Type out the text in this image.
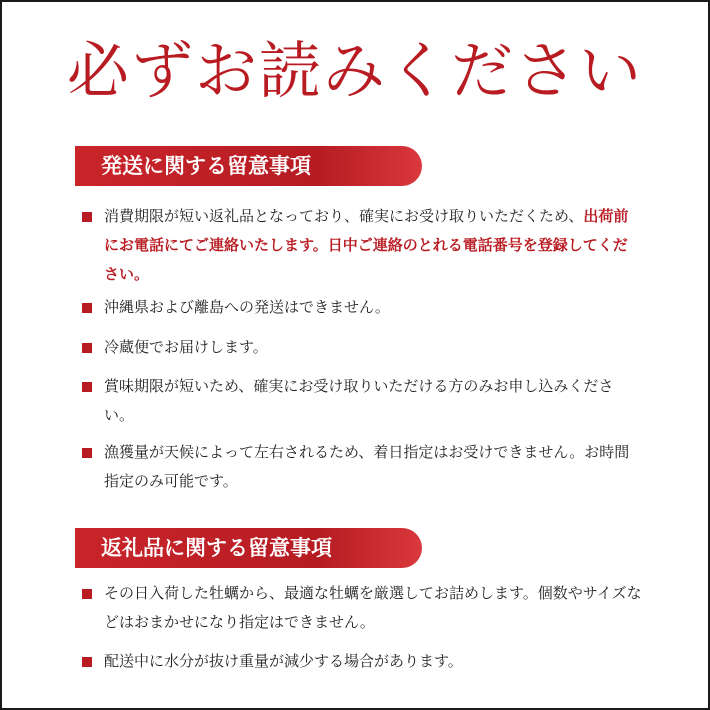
必ずお読みください
発送に関する留意事項
消費期限が短い返礼品となっており、確実にお受け取りいただくため、出荷前にお電話にてご連絡いたします。日中ご連絡のとれる電話番号を登録してください。
沖縄県および離島への発送はできません。
冷蔵便でお届けします。
賞味期限が短いため、確実にお受け取りいただける方のみお申し込みください。
漁獲量が天候によって左右されるため、着日指定はお受けできません。お時間指定のみ可能です。
返礼品に関する留意事項
その日入荷した牡蠣から、最適な牡蠣を厳選してお詰めします。個数やサイズなどはおまかせになり指定はできません。
配送中に水分が抜け重量が減少する場合があります。
